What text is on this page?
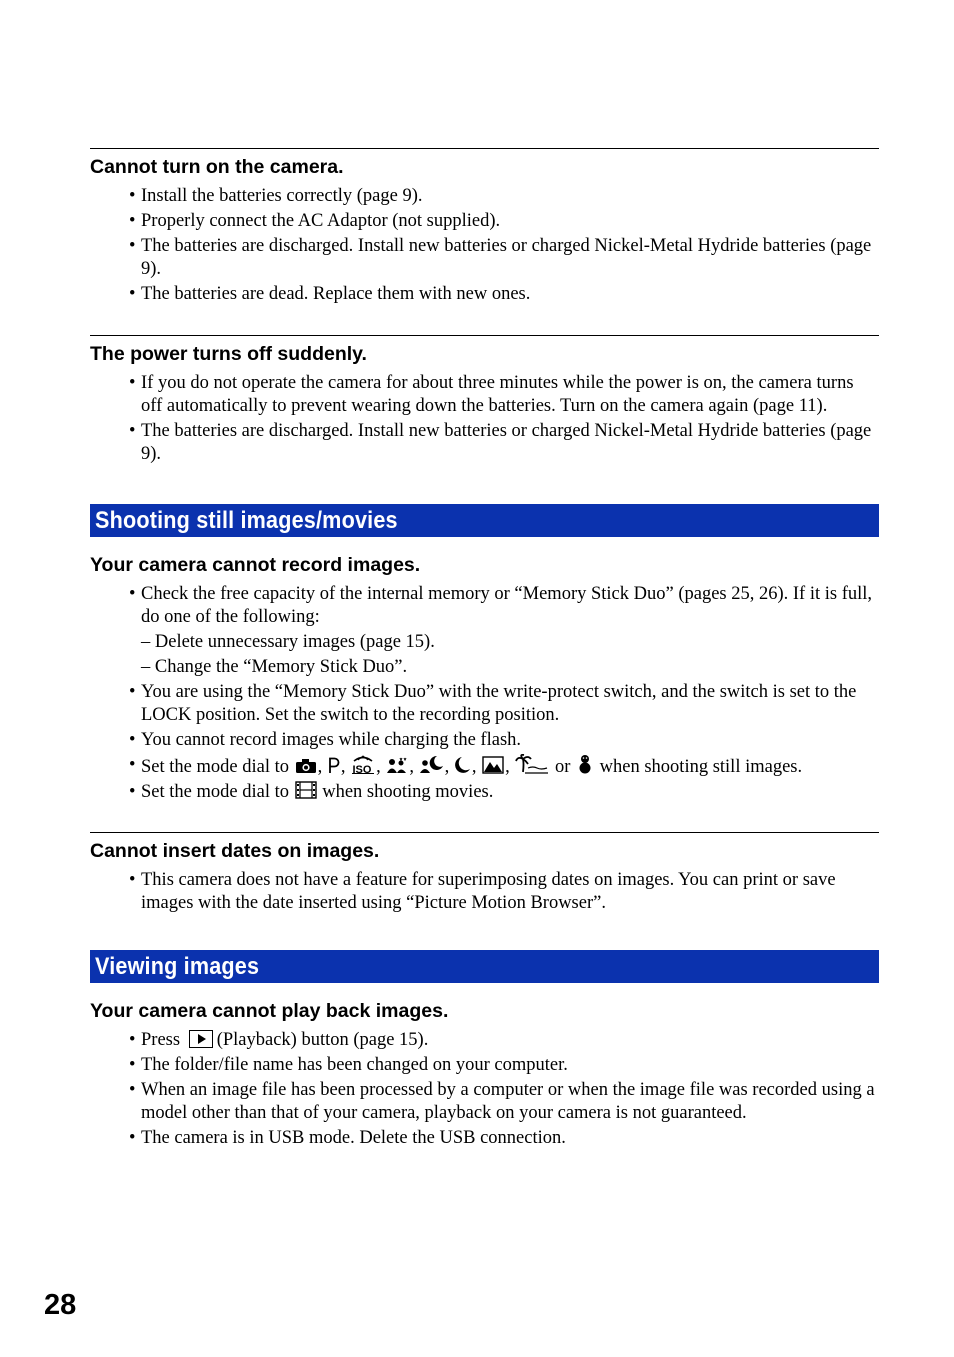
Cannot turn on the camera.
• Install the batteries correctly (page 9).
• Properly connect the AC Adaptor (not supplied).
• The batteries are discharged. Install new batteries or charged Nickel-Metal Hydride batteries (page 9).
• The batteries are dead. Replace them with new ones.
The power turns off suddenly.
• If you do not operate the camera for about three minutes while the power is on, the camera turns off automatically to prevent wearing down the batteries. Turn on the camera again (page 11).
• The batteries are discharged. Install new batteries or charged Nickel-Metal Hydride batteries (page 9).
Shooting still images/movies
Your camera cannot record images.
• Check the free capacity of the internal memory or “Memory Stick Duo” (pages 25, 26). If it is full, do one of the following:
– Delete unnecessary images (page 15).
– Change the “Memory Stick Duo”.
• You are using the “Memory Stick Duo” with the write-protect switch, and the switch is set to the LOCK position. Set the switch to the recording position.
• You cannot record images while charging the flash.
• Set the mode dial to , , ISO , , , , , or when shooting still images.
• Set the mode dial to when shooting movies.
Cannot insert dates on images.
• This camera does not have a feature for superimposing dates on images. You can print or save images with the date inserted using “Picture Motion Browser”.
Viewing images
Your camera cannot play back images.
• Press (Playback) button (page 15).
• The folder/file name has been changed on your computer.
• When an image file has been processed by a computer or when the image file was recorded using a model other than that of your camera, playback on your camera is not guaranteed.
• The camera is in USB mode. Delete the USB connection.
28
